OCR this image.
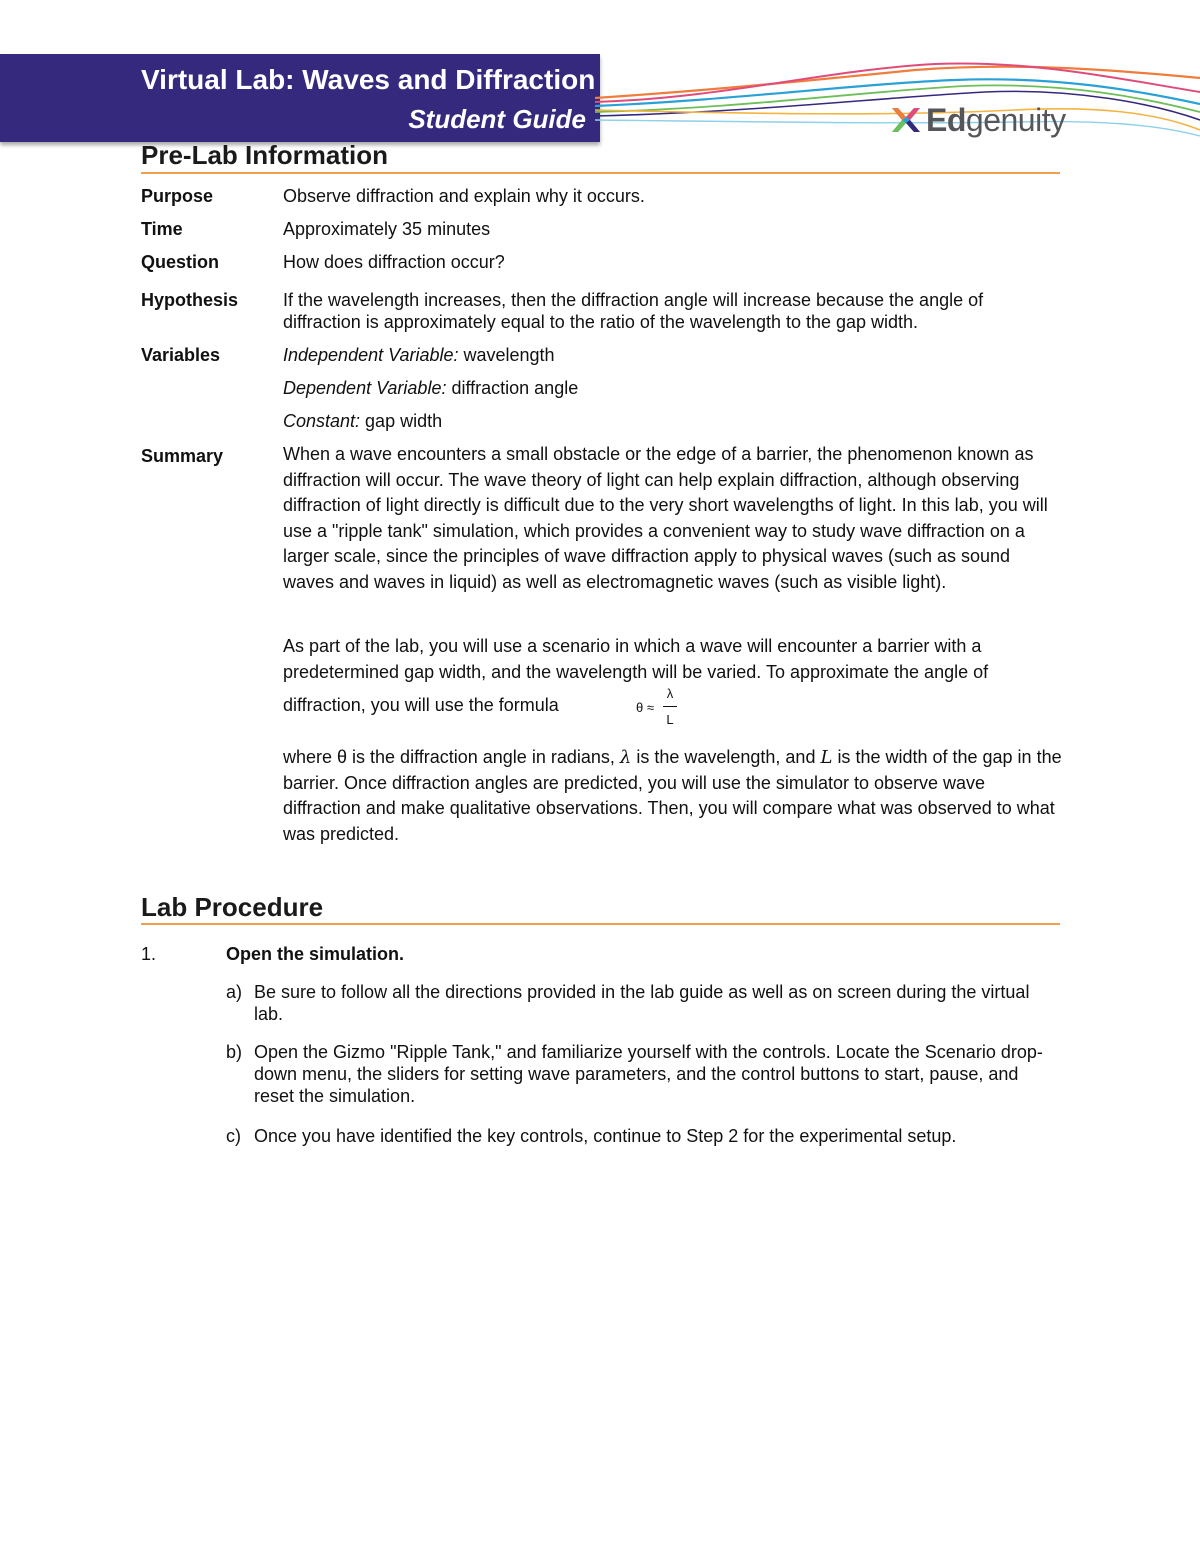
Virtual Lab: Waves and Diffraction
Student Guide	Edgenuity
Pre-Lab Information
Purpose	Observe diffraction and explain why it occurs.
Time	Approximately 35 minutes
Question	How does diffraction occur?
Hypothesis If the wavelength increases, then the diffraction angle will increase because the angle of diffraction is approximately equal to the ratio of the wavelength to the gap width.
Variables	Independent Variable: wavelength
Dependent Variable: diffraction angle
Constant: gap width
Summary	When a wave encounters a small obstacle or the edge of a barrier, the phenomenon known as diffraction will occur. The wave theory of light can help explain diffraction, although observing diffraction of light directly is difficult due to the very short wavelengths of light. In this lab, you will use a "ripple tank" simulation, which provides a convenient way to study wave diffraction on a larger scale, since the principles of wave diffraction apply to physical waves (such as sound waves and waves in liquid) as well as electromagnetic waves (such as visible light).
As part of the lab, you will use a scenario in which a wave will encounter a barrier with a predetermined gap width, and the wavelength will be varied. To approximate the angle of
diffraction, you will use the formula	θ ≈
λ
L
where θ is the diffraction angle in radians, λ is the wavelength, and L is the width of the gap in the barrier. Once diffraction angles are predicted, you will use the simulator to observe wave diffraction and make qualitative observations. Then, you will compare what was observed to what was predicted.
Lab Procedure
1.	Open the simulation.
a) Be sure to follow all the directions provided in the lab guide as well as on screen during the virtual lab.
b) Open the Gizmo "Ripple Tank," and familiarize yourself with the controls. Locate the Scenario drop-down menu, the sliders for setting wave parameters, and the control buttons to start, pause, and reset the simulation.
c) Once you have identified the key controls, continue to Step 2 for the experimental setup.
